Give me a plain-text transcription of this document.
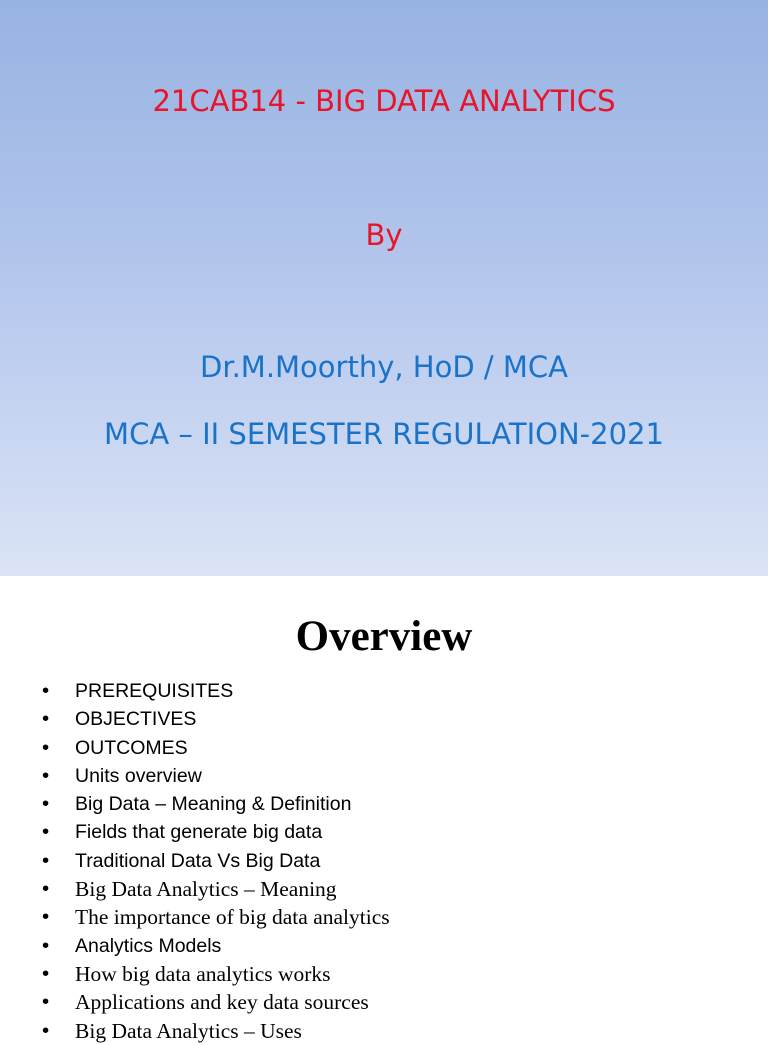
21CAB14 - BIG DATA ANALYTICS
By
Dr.M.Moorthy, HoD / MCA
MCA – II SEMESTER REGULATION-2021
Overview
• PREREQUISITES
• OBJECTIVES
• OUTCOMES
• Units overview
• Big Data – Meaning & Definition
• Fields that generate big data
• Traditional Data Vs Big Data
• Big Data Analytics – Meaning
• The importance of big data analytics
• Analytics Models
• How big data analytics works
• Applications and key data sources
• Big Data Analytics – Uses
